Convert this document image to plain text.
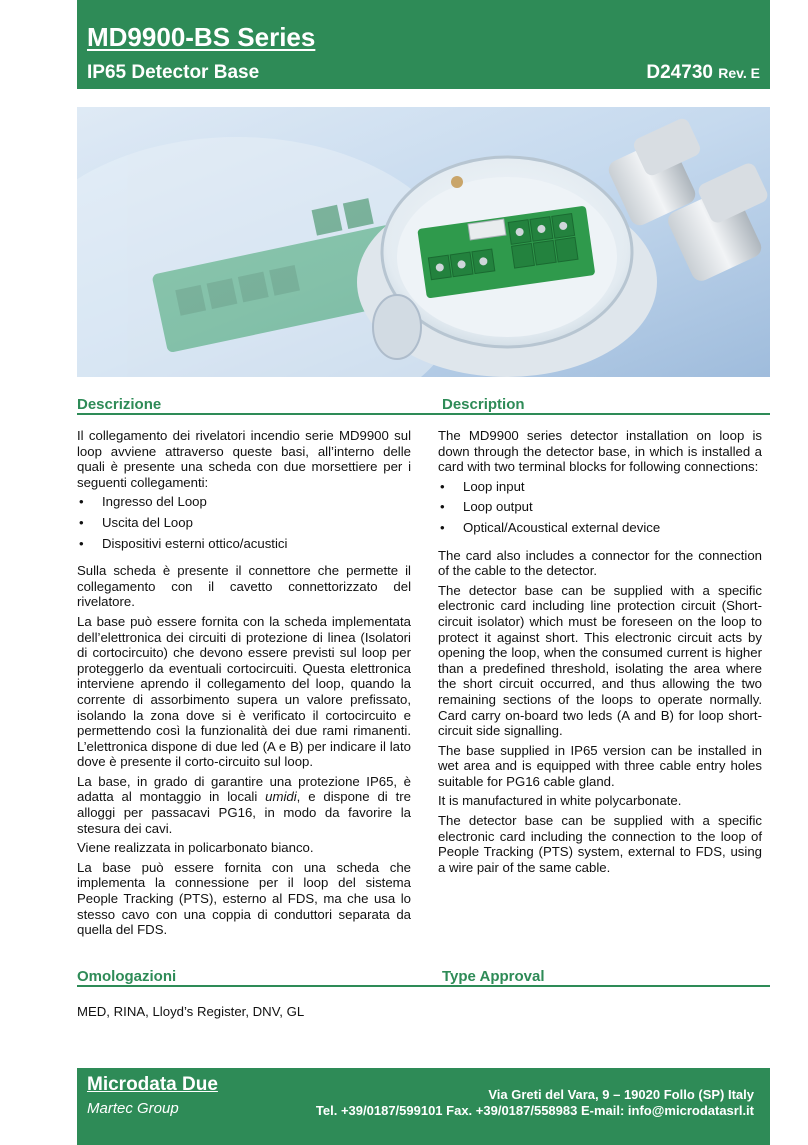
MD9900-BS Series
IP65 Detector Base	D24730 Rev. E
Descrizione	Description

Il collegamento dei rivelatori incendio serie MD9900 sul loop avviene attraverso queste basi, all’interno delle quali è presente una scheda con due morsettiere per i seguenti collegamenti:

• Ingresso del Loop
• Uscita del Loop
• Dispositivi esterni ottico/acustici

Sulla scheda è presente il connettore che permette il collegamento con il cavetto connettorizzato del rivelatore.

La base può essere fornita con la scheda implementata dell’elettronica dei circuiti di protezione di linea (Isolatori di cortocircuito) che devono essere previsti sul loop per proteggerlo da eventuali cortocircuiti. Questa elettronica interviene aprendo il collegamento del loop, quando la corrente di assorbimento supera un valore prefissato, isolando la zona dove si è verificato il cortocircuito e permettendo così la funzionalità dei due rami rimanenti. L’elettronica dispone di due led (A e B) per indicare il lato dove è presente il corto-circuito sul loop.

La base, in grado di garantire una protezione IP65, è adatta al montaggio in locali umidi, e dispone di tre alloggi per passacavi PG16, in modo da favorire la stesura dei cavi.

Viene realizzata in policarbonato bianco.

La base può essere fornita con una scheda che implementa la connessione per il loop del sistema People Tracking (PTS), esterno al FDS, ma che usa lo stesso cavo con una coppia di conduttori separata da quella del FDS.

The MD9900 series detector installation on loop is down through the detector base, in which is installed a card with two terminal blocks for following connections:

• Loop input
• Loop output
• Optical/Acoustical external device

The card also includes a connector for the connection of the cable to the detector.

The detector base can be supplied with a specific electronic card including line protection circuit (Short-circuit isolator) which must be foreseen on the loop to protect it against short. This electronic circuit acts by opening the loop, when the consumed current is higher than a predefined threshold, isolating the area where the short circuit occurred, and thus allowing the two remaining sections of the loops to operate normally. Card carry on-board two leds (A and B) for loop short-circuit side signalling.

The base supplied in IP65 version can be installed in wet area and is equipped with three cable entry holes suitable for PG16 cable gland.

It is manufactured in white polycarbonate.

The detector base can be supplied with a specific electronic card including the connection to the loop of People Tracking (PTS) system, external to FDS, using a wire pair of the same cable.

Omologazioni	Type Approval
MED, RINA, Lloyd’s Register, DNV, GL
Microdata Due
Martec Group
Via Greti del Vara, 9 – 19020 Follo (SP) Italy
Tel. +39/0187/599101 Fax. +39/0187/558983 E-mail: info@microdatasrl.it
